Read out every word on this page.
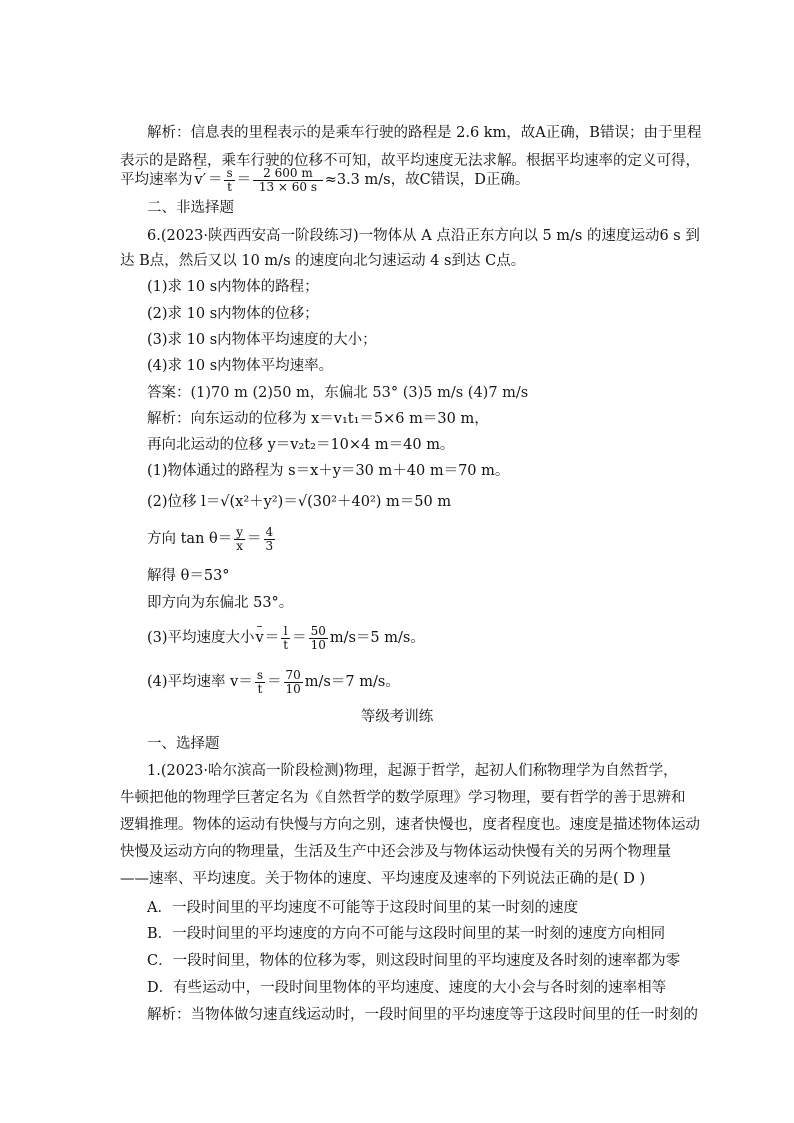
解析：信息表的里程表示的是乘车行驶的路程是 2.6 km，故A正确，B错误；由于里程
表示的是路程，乘车行驶的位移不可知，故平均速度无法求解。根据平均速率的定义可得，
平均速率为 – $v' = \frac{s}{t} = \frac{2 600 m}{13 \times 60 s} \approx 3.3$ m/s，故C错误，D正确。
二、非选择题
6.(2023·陕西西安高一阶段练习)一物体从 A 点沿正东方向以 5 m/s 的速度运动6 s 到
达 B点，然后又以 10 m/s 的速度向北匀速运动 4 s到达 C点。
(1)求 10 s内物体的路程；
(2)求 10 s内物体的位移；
(3)求 10 s内物体平均速度的大小；
(4)求 10 s内物体平均速率。
答案：(1)70 m (2)50 m，东偏北 53° (3)5 m/s (4)7 m/s
解析：向东运动的位移为 x＝v₁t₁＝5×6 m＝30 m，
再向北运动的位移 y＝v₂t₂＝10×4 m＝40 m。
(1)物体通过的路程为 s＝x＋y＝30 m＋40 m＝70 m。
(2)位移 l＝√(x²＋y²)＝√(30²＋40²) m＝50 m
方向 $\tan \theta= \frac{y}{x} = \frac{4}{3}$
解得 θ＝53°
即方向为东偏北 53°。
(3)平均速度大小 – $v = \frac{l}{t} = \frac{50}{10} m/s=5$ m/s。
(4)平均速率 $v= \frac{s}{t} = \frac{70}{10} m/s=7$ m/s。
等级考训练
一、选择题
1.(2023·哈尔滨高一阶段检测)物理，起源于哲学，起初人们称物理学为自然哲学，
牛顿把他的物理学巨著定名为《自然哲学的数学原理》学习物理，要有哲学的善于思辨和
逻辑推理。物体的运动有快慢与方向之别，速者快慢也，度者程度也。速度是描述物体运动
快慢及运动方向的物理量，生活及生产中还会涉及与物体运动快慢有关的另两个物理量
——速率、平均速度。关于物体的速度、平均速度及速率的下列说法正确的是( D )
A．一段时间里的平均速度不可能等于这段时间里的某一时刻的速度
B．一段时间里的平均速度的方向不可能与这段时间里的某一时刻的速度方向相同
C．一段时间里，物体的位移为零，则这段时间里的平均速度及各时刻的速率都为零
D．有些运动中，一段时间里物体的平均速度、速度的大小会与各时刻的速率相等
解析：当物体做匀速直线运动时，一段时间里的平均速度等于这段时间里的任一时刻的
